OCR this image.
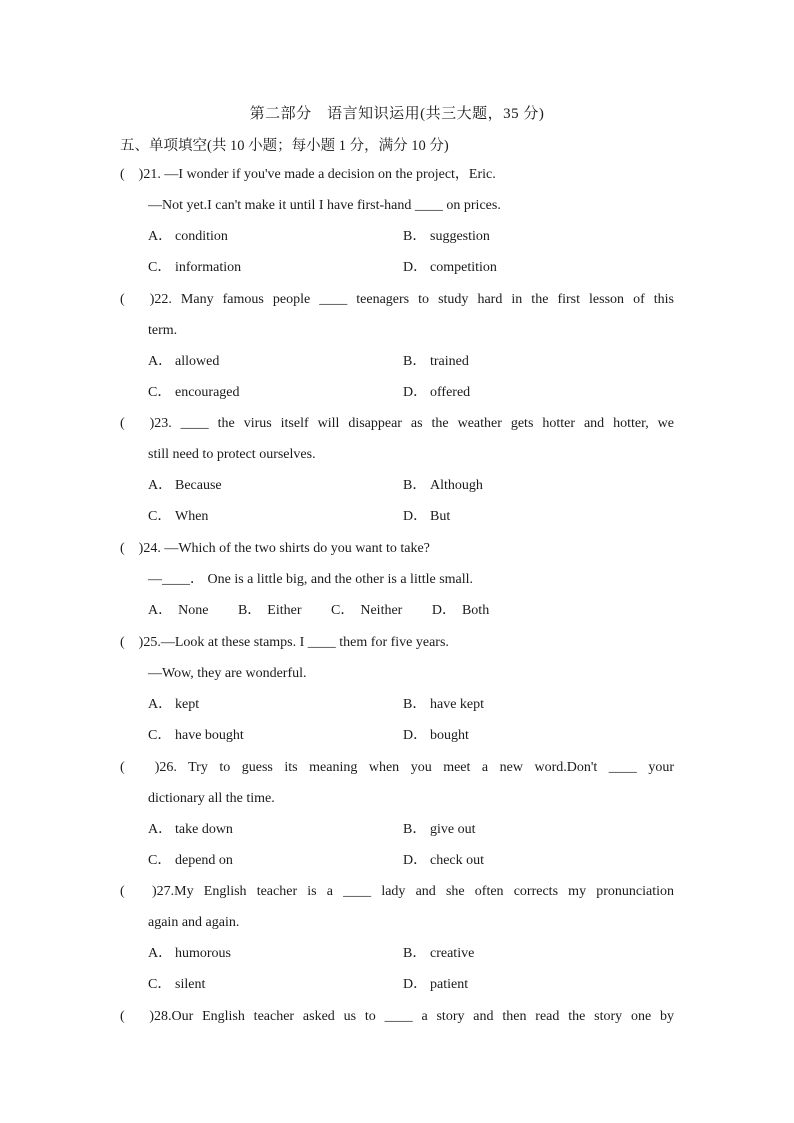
第二部分　语言知识运用(共三大题，35 分)
五、单项填空(共 10 小题；每小题 1 分，满分 10 分)
(　)21. —I wonder if you've made a decision on the project，Eric.
—Not yet.I can't make it until I have first-hand ____ on prices.
A． condition	B． suggestion
C． information	D． competition
(　)22. Many famous people ____ teenagers to study hard in the first lesson of this
term.
A． allowed	B． trained
C． encouraged	D． offered
(　)23. ____ the virus itself will disappear as the weather gets hotter and hotter, we
still need to protect ourselves.
A． Because	B． Although
C． When	D． But
(　)24. —Which of the two shirts do you want to take?
—____． One is a little big, and the other is a little small.
A． None B． Either C． Neither D． Both
(　)25.—Look at these stamps. I ____ them for five years.
—Wow, they are wonderful.
A． kept	B． have kept
C． have bought	D． bought
(　)26. Try to guess its meaning when you meet a new word.Don't ____ your
dictionary all the time.
A． take down	B． give out
C． depend on	D． check out
(　)27.My English teacher is a ____ lady and she often corrects my pronunciation
again and again.
A． humorous	B． creative
C． silent	D． patient
(　)28.Our English teacher asked us to ____ a story and then read the story one by
